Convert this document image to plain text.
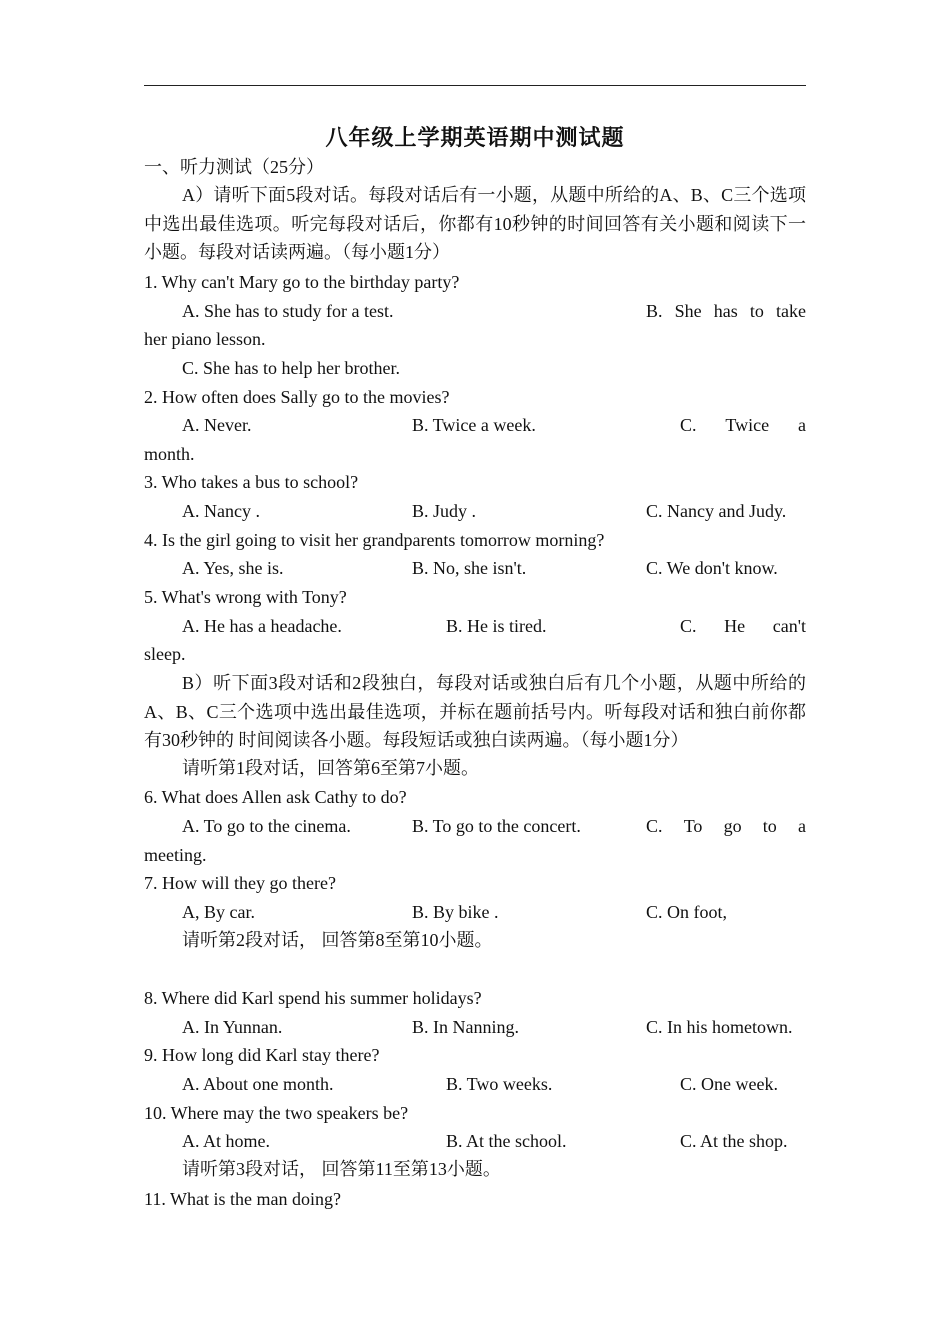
八年级上学期英语期中测试题
一、听力测试（25分）
A）请听下面5段对话。每段对话后有一小题，从题中所给的A、B、C三个选项中选出最佳选项。听完每段对话后，你都有10秒钟的时间回答有关小题和阅读下一小题。每段对话读两遍。（每小题1分）
1. Why can't Mary go to the birthday party?
A. She has to study for a test.	B. She has to take
her piano lesson.
C. She has to help her brother.
2. How often does Sally go to the movies?
A. Never.	B. Twice a week.	C. Twice a
month.
3. Who takes a bus to school?
A. Nancy .	B. Judy .	C. Nancy and Judy.
4. Is the girl going to visit her grandparents tomorrow morning?
A. Yes, she is.	B. No, she isn't.	C. We don't know.
5. What's wrong with Tony?
A. He has a headache.	B. He is tired.	C. He can't
sleep.
B）听下面3段对话和2段独白，每段对话或独白后有几个小题，从题中所给的A、B、C三个选项中选出最佳选项，并标在题前括号内。听每段对话和独白前你都有30秒钟的 时间阅读各小题。每段短话或独白读两遍。（每小题1分）
请听第1段对话，回答第6至第7小题。
6. What does Allen ask Cathy to do?
A. To go to the cinema.	B. To go to the concert.	C. To go to a
meeting.
7. How will they go there?
A, By car.	B. By bike .	C. On foot,
请听第2段对话， 回答第8至第10小题。
8. Where did Karl spend his summer holidays?
A. In Yunnan.	B. In Nanning.	C. In his hometown.
9. How long did Karl stay there?
A. About one month.	B. Two weeks.	C. One week.
10. Where may the two speakers be?
A. At home.	B. At the school.	C. At the shop.
请听第3段对话， 回答第11至第13小题。
11. What is the man doing?
